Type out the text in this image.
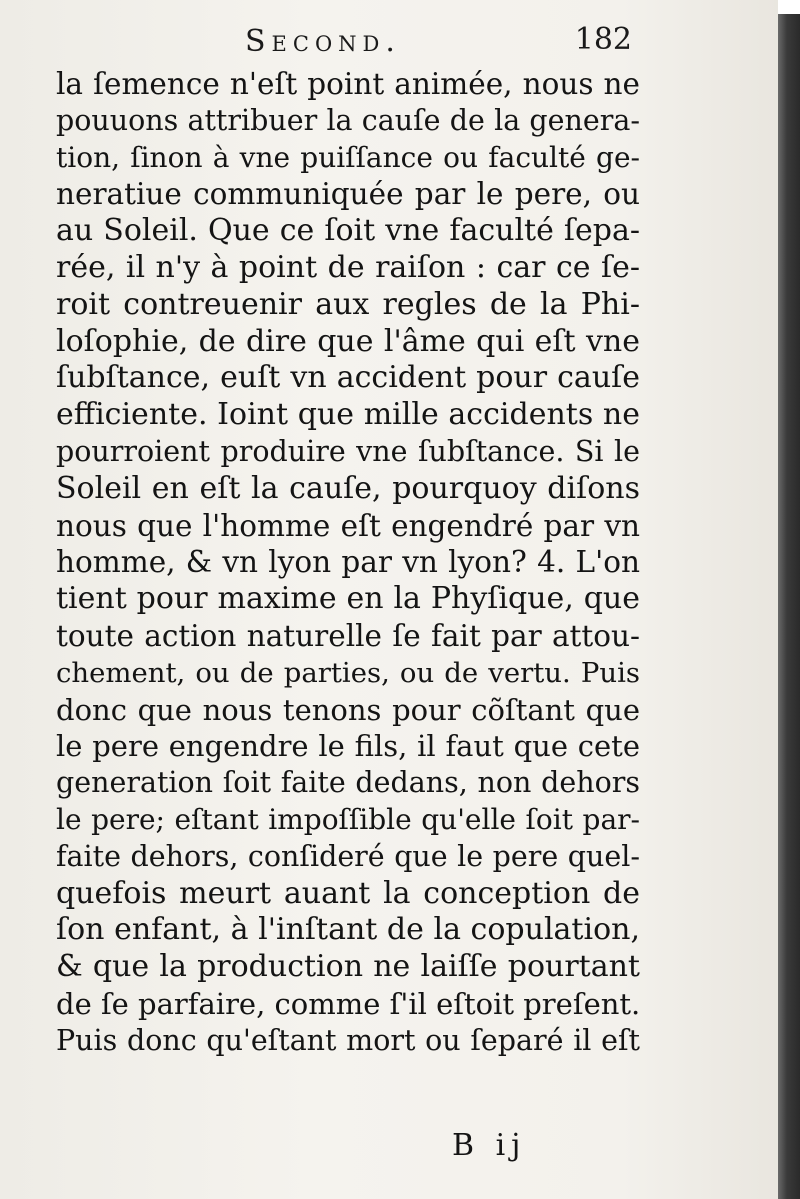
Second.	182
la ſemence n'eſt point animée, nous ne
pouuons attribuer la cauſe de la genera-
tion, ſinon à vne puiſſance ou faculté ge-
neratiue communiquée par le pere, ou
au Soleil. Que ce ſoit vne faculté ſepa-
rée, il n'y à point de raiſon : car ce ſe-
roit contreuenir aux regles de la Phi-
loſophie, de dire que l'âme qui eſt vne
ſubſtance, euſt vn accident pour cauſe
efficiente. Ioint que mille accidents ne
pourroient produire vne ſubſtance. Si le
Soleil en eſt la cauſe, pourquoy diſons
nous que l'homme eſt engendré par vn
homme, & vn lyon par vn lyon? 4. L'on
tient pour maxime en la Phyſique, que
toute action naturelle ſe fait par attou-
chement, ou de parties, ou de vertu. Puis
donc que nous tenons pour cõſtant que
le pere engendre le fils, il faut que cete
generation ſoit faite dedans, non dehors
le pere; eſtant impoſſible qu'elle ſoit par-
faite dehors, conſideré que le pere quel-
quefois meurt auant la conception de
ſon enfant, à l'inſtant de la copulation,
& que la production ne laiſſe pourtant
de ſe parfaire, comme ſ'il eſtoit preſent.
Puis donc qu'eſtant mort ou ſeparé il eſt
B ij
